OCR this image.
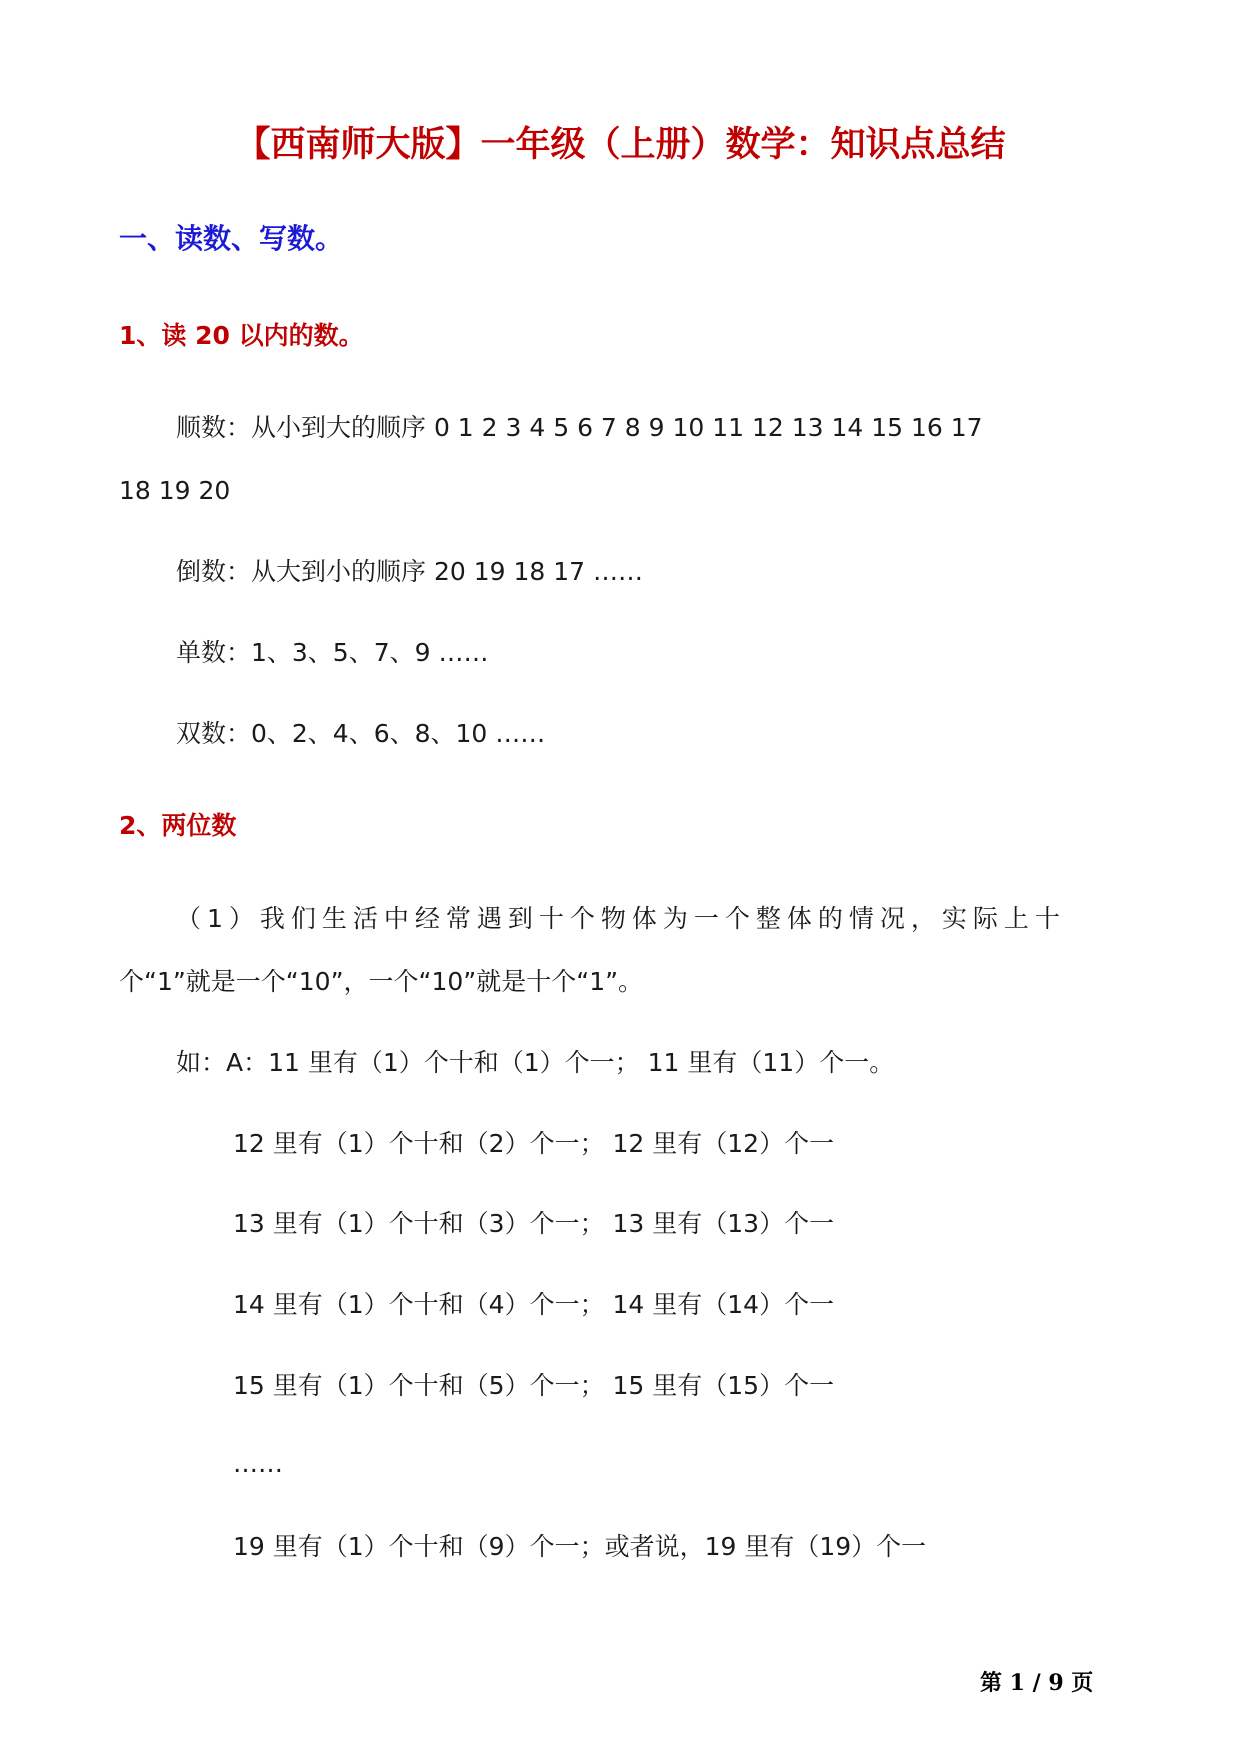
【西南师大版】一年级（上册）数学：知识点总结
一、读数、写数。
1、读 20 以内的数。
顺数：从小到大的顺序 0 1 2 3 4 5 6 7 8 9 10 11 12 13 14 15 16 17
18 19 20
倒数：从大到小的顺序 20 19 18 17 ……
单数：1、3、5、7、9 ……
双数：0、2、4、6、8、10 ……
2、两位数
（1）我们生活中经常遇到十个物体为一个整体的情况，实际上十
个“1”就是一个“10”，一个“10”就是十个“1”。
如：A：11 里有（1）个十和（1）个一； 11 里有（11）个一。
12 里有（1）个十和（2）个一； 12 里有（12）个一
13 里有（1）个十和（3）个一； 13 里有（13）个一
14 里有（1）个十和（4）个一； 14 里有（14）个一
15 里有（1）个十和（5）个一； 15 里有（15）个一
……
19 里有（1）个十和（9）个一；或者说，19 里有（19）个一
第 1 / 9 页
